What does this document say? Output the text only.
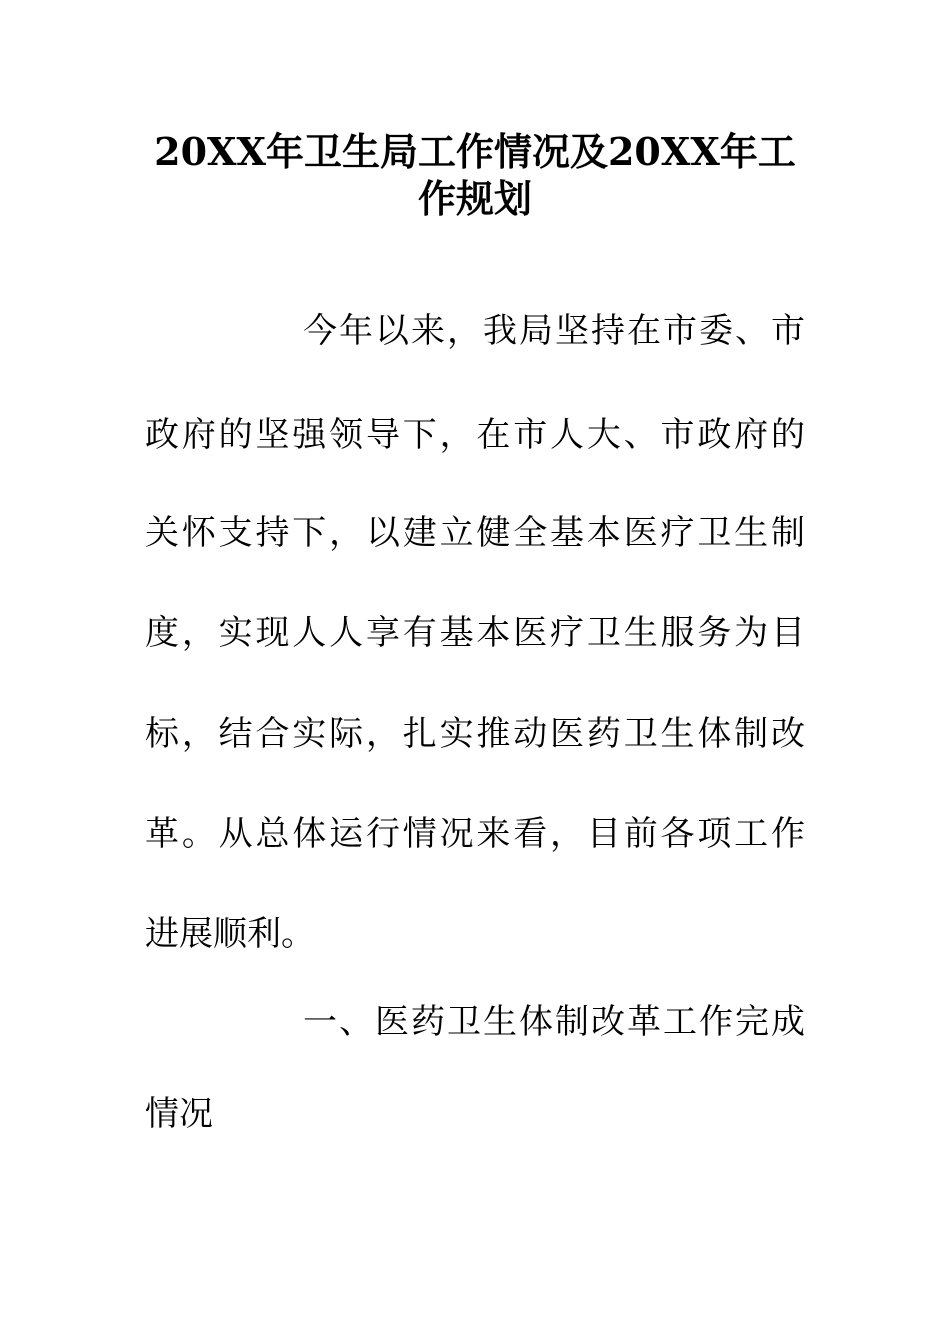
20XX年卫生局工作情况及20XX年工
作规划

今年以来，我局坚持在市委、市

政府的坚强领导下，在市人大、市政府的

关怀支持下，以建立健全基本医疗卫生制

度，实现人人享有基本医疗卫生服务为目

标，结合实际，扎实推动医药卫生体制改

革。从总体运行情况来看，目前各项工作

进展顺利。

一、医药卫生体制改革工作完成

情况
